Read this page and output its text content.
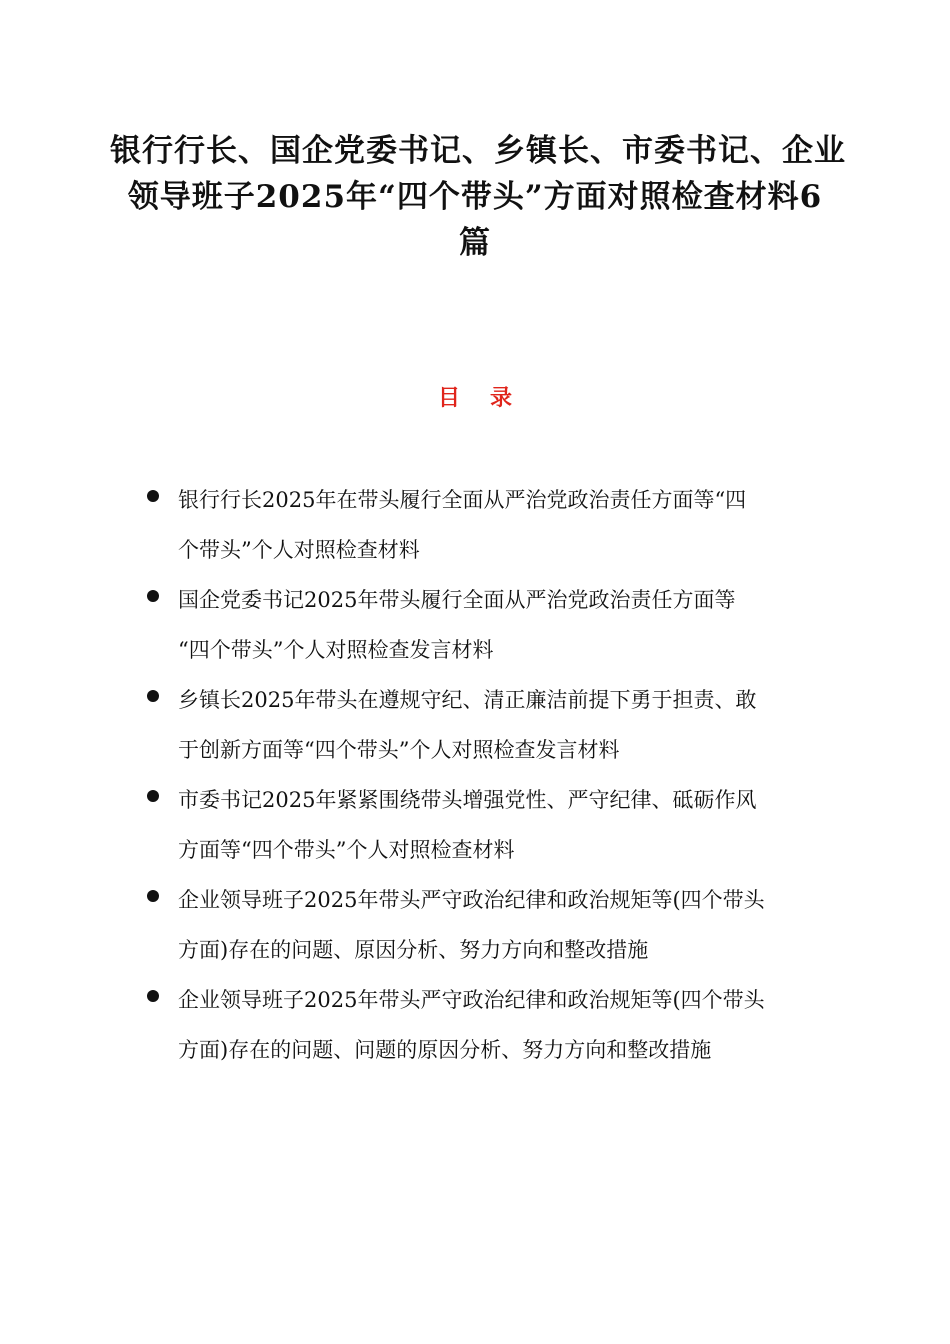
银行行长、国企党委书记、乡镇长、市委书记、企业
领导班子2025年“四个带头”方面对照检查材料6
篇
目 录
银行行长2025年在带头履行全面从严治党政治责任方面等“四
个带头”个人对照检查材料
国企党委书记2025年带头履行全面从严治党政治责任方面等
“四个带头”个人对照检查发言材料
乡镇长2025年带头在遵规守纪、清正廉洁前提下勇于担责、敢
于创新方面等“四个带头”个人对照检查发言材料
市委书记2025年紧紧围绕带头增强党性、严守纪律、砥砺作风
方面等“四个带头”个人对照检查材料
企业领导班子2025年带头严守政治纪律和政治规矩等(四个带头
方面)存在的问题、原因分析、努力方向和整改措施
企业领导班子2025年带头严守政治纪律和政治规矩等(四个带头
方面)存在的问题、问题的原因分析、努力方向和整改措施
